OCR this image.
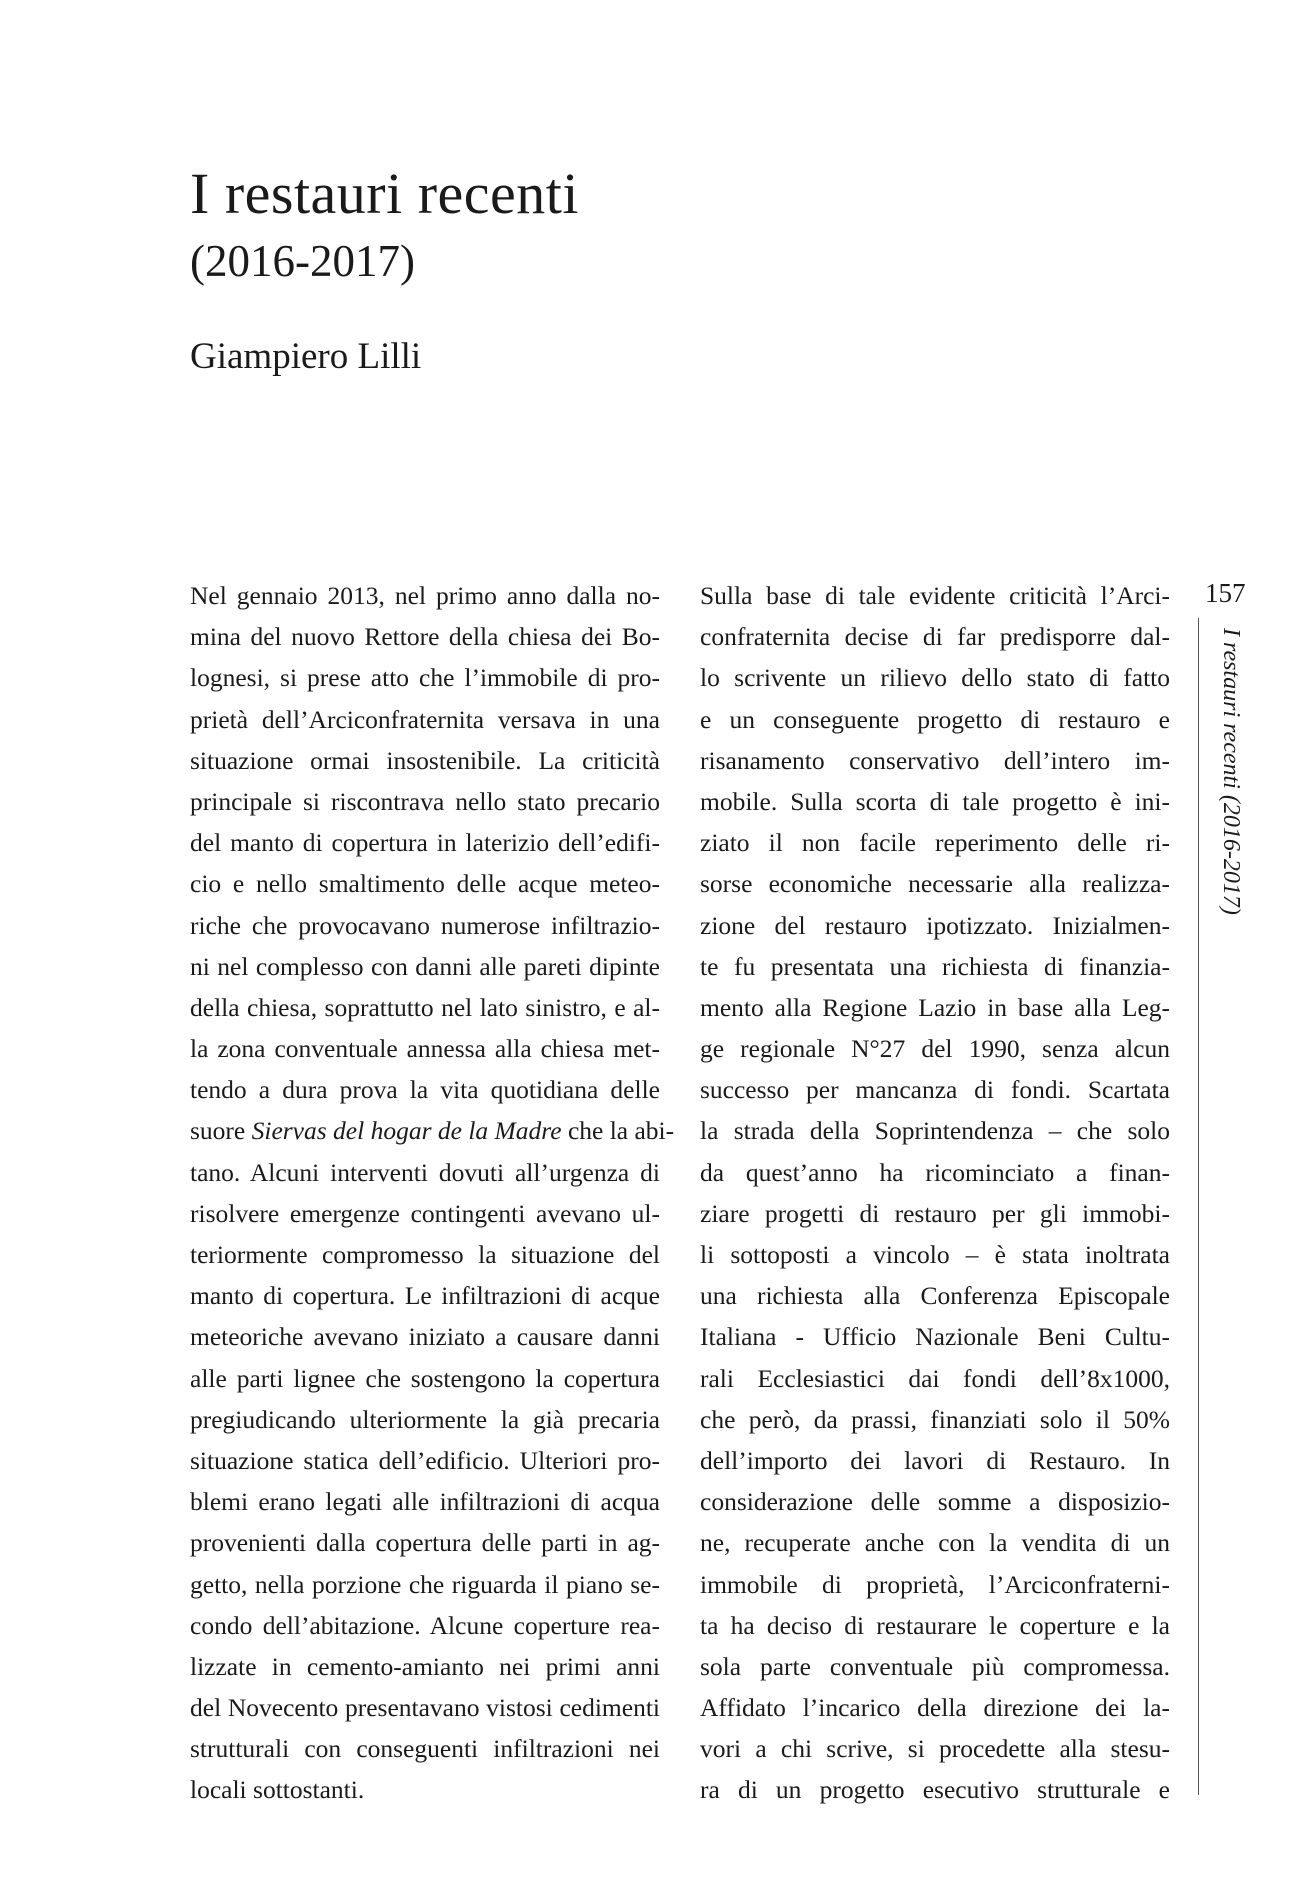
I restauri recenti
(2016-2017)
Giampiero Lilli
Nel gennaio 2013, nel primo anno dalla no-
mina del nuovo Rettore della chiesa dei Bo-
lognesi, si prese atto che l’immobile di pro-
prietà dell’Arciconfraternita versava in una
situazione ormai insostenibile. La criticità
principale si riscontrava nello stato precario
del manto di copertura in laterizio dell’edifi-
cio e nello smaltimento delle acque meteo-
riche che provocavano numerose infiltrazio-
ni nel complesso con danni alle pareti dipinte
della chiesa, soprattutto nel lato sinistro, e al-
la zona conventuale annessa alla chiesa met-
tendo a dura prova la vita quotidiana delle
suore Siervas del hogar de la Madre che la abi-
tano. Alcuni interventi dovuti all’urgenza di
risolvere emergenze contingenti avevano ul-
teriormente compromesso la situazione del
manto di copertura. Le infiltrazioni di acque
meteoriche avevano iniziato a causare danni
alle parti lignee che sostengono la copertura
pregiudicando ulteriormente la già precaria
situazione statica dell’edificio. Ulteriori pro-
blemi erano legati alle infiltrazioni di acqua
provenienti dalla copertura delle parti in ag-
getto, nella porzione che riguarda il piano se-
condo dell’abitazione. Alcune coperture rea-
lizzate in cemento-amianto nei primi anni
del Novecento presentavano vistosi cedimenti
strutturali con conseguenti infiltrazioni nei
locali sottostanti.
Sulla base di tale evidente criticità l’Arci-
confraternita decise di far predisporre dal-
lo scrivente un rilievo dello stato di fatto
e un conseguente progetto di restauro e
risanamento conservativo dell’intero im-
mobile. Sulla scorta di tale progetto è ini-
ziato il non facile reperimento delle ri-
sorse economiche necessarie alla realizza-
zione del restauro ipotizzato. Inizialmen-
te fu presentata una richiesta di finanzia-
mento alla Regione Lazio in base alla Leg-
ge regionale N°27 del 1990, senza alcun
successo per mancanza di fondi. Scartata
la strada della Soprintendenza – che solo
da quest’anno ha ricominciato a finan-
ziare progetti di restauro per gli immobi-
li sottoposti a vincolo – è stata inoltrata
una richiesta alla Conferenza Episcopale
Italiana - Ufficio Nazionale Beni Cultu-
rali Ecclesiastici dai fondi dell’8x1000,
che però, da prassi, finanziati solo il 50%
dell’importo dei lavori di Restauro. In
considerazione delle somme a disposizio-
ne, recuperate anche con la vendita di un
immobile di proprietà, l’Arciconfraterni-
ta ha deciso di restaurare le coperture e la
sola parte conventuale più compromessa.
Affidato l’incarico della direzione dei la-
vori a chi scrive, si procedette alla stesu-
ra di un progetto esecutivo strutturale e
157
I restauri recenti (2016-2017)
